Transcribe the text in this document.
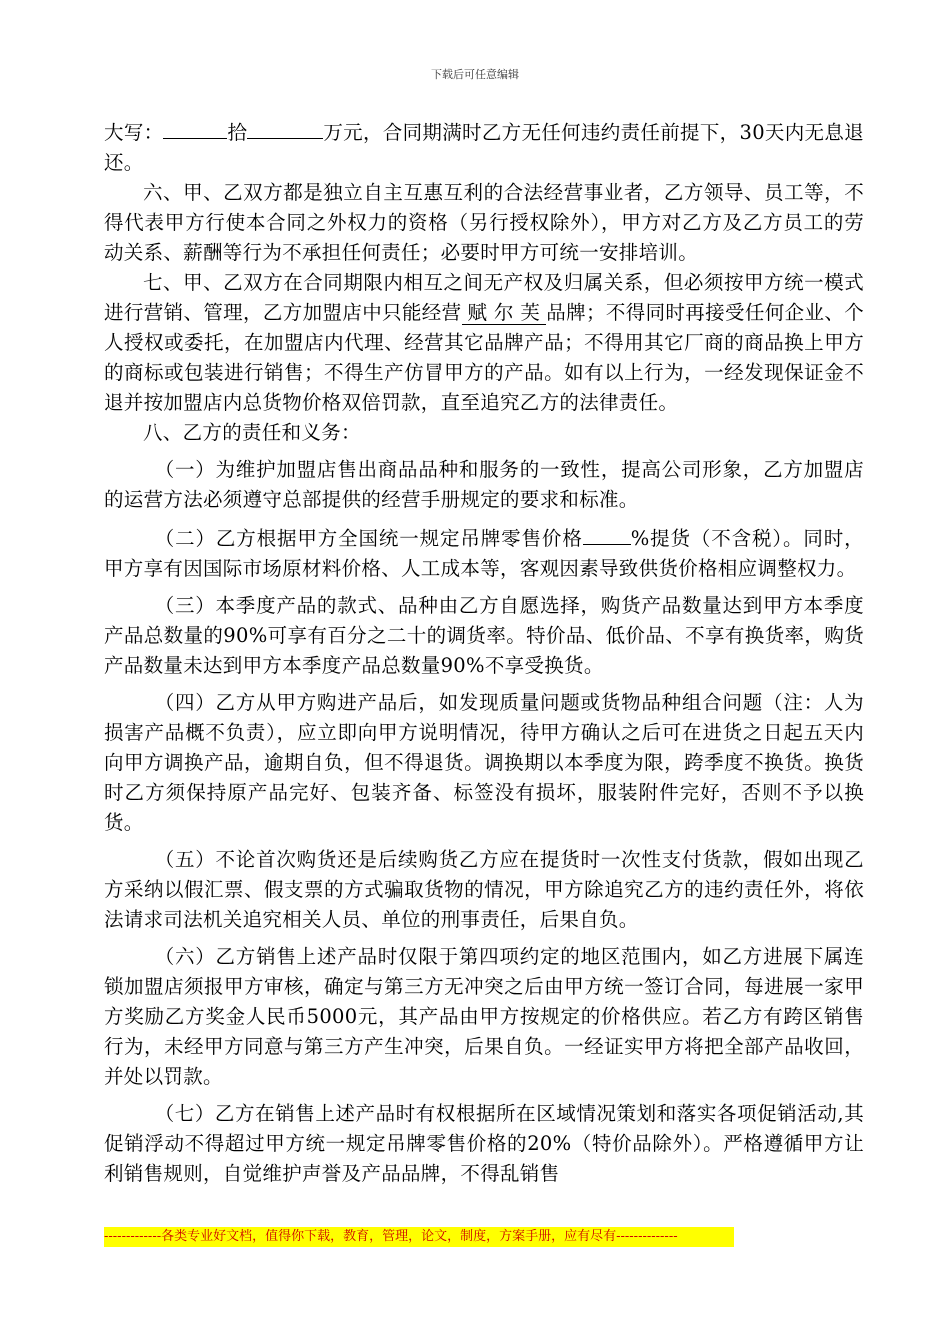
下载后可任意编辑

大写：	拾	万元，合同期满时乙方无任何违约责任前提下，30天内无息退还。

六、甲、乙双方都是独立自主互惠互利的合法经营事业者，乙方领导、员工等，不得代表甲方行使本合同之外权力的资格（另行授权除外），甲方对乙方及乙方员工的劳动关系、薪酬等行为不承担任何责任；必要时甲方可统一安排培训。

七、甲、乙双方在合同期限内相互之间无产权及归属关系，但必须按甲方统一模式进行营销、管理，乙方加盟店中只能经营 赋 尔 芙 品牌；不得同时再接受任何企业、个人授权或委托，在加盟店内代理、经营其它品牌产品；不得用其它厂商的商品换上甲方的商标或包装进行销售；不得生产仿冒甲方的产品。如有以上行为，一经发现保证金不退并按加盟店内总货物价格双倍罚款，直至追究乙方的法律责任。

八、乙方的责任和义务：

（一）为维护加盟店售出商品品种和服务的一致性，提高公司形象，乙方加盟店的运营方法必须遵守总部提供的经营手册规定的要求和标准。

（二）乙方根据甲方全国统一规定吊牌零售价格 %提货（不含税）。同时，甲方享有因国际市场原材料价格、人工成本等，客观因素导致供货价格相应调整权力。

（三）本季度产品的款式、品种由乙方自愿选择，购货产品数量达到甲方本季度产品总数量的90%可享有百分之二十的调货率。特价品、低价品、不享有换货率，购货产品数量未达到甲方本季度产品总数量90%不享受换货。

（四）乙方从甲方购进产品后，如发现质量问题或货物品种组合问题（注：人为损害产品概不负责），应立即向甲方说明情况，待甲方确认之后可在进货之日起五天内向甲方调换产品，逾期自负，但不得退货。调换期以本季度为限，跨季度不换货。换货时乙方须保持原产品完好、包装齐备、标签没有损坏，服装附件完好，否则不予以换货。

（五）不论首次购货还是后续购货乙方应在提货时一次性支付货款，假如出现乙方采纳以假汇票、假支票的方式骗取货物的情况，甲方除追究乙方的违约责任外，将依法请求司法机关追究相关人员、单位的刑事责任，后果自负。

（六）乙方销售上述产品时仅限于第四项约定的地区范围内，如乙方进展下属连锁加盟店须报甲方审核，确定与第三方无冲突之后由甲方统一签订合同，每进展一家甲方奖励乙方奖金人民币5000元，其产品由甲方按规定的价格供应。若乙方有跨区销售行为，未经甲方同意与第三方产生冲突，后果自负。一经证实甲方将把全部产品收回，并处以罚款。

（七）乙方在销售上述产品时有权根据所在区域情况策划和落实各项促销活动,其促销浮动不得超过甲方统一规定吊牌零售价格的20%（特价品除外）。严格遵循甲方让利销售规则，自觉维护声誉及产品品牌，不得乱销售

-------------各类专业好文档，值得你下载，教育，管理，论文，制度，方案手册，应有尽有--------------
